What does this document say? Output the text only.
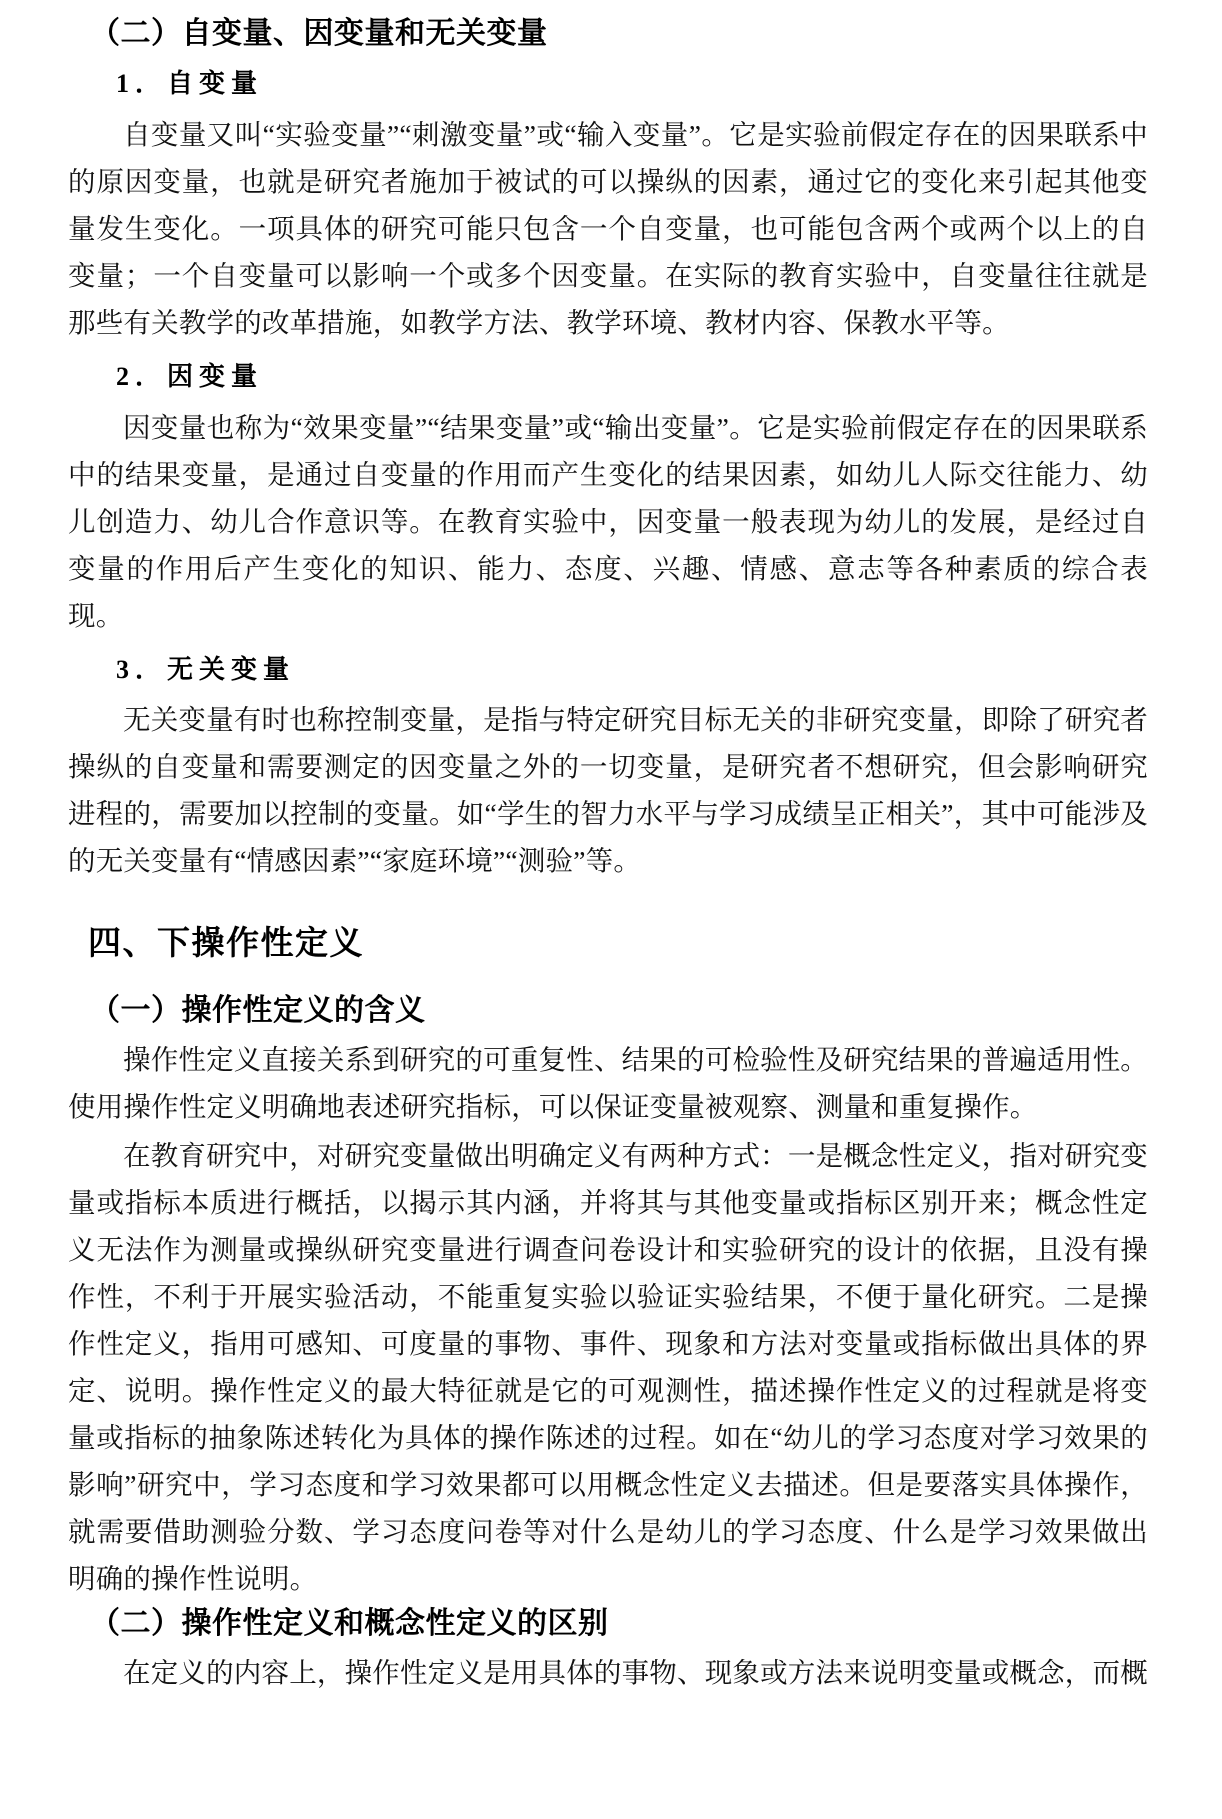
（二）自变量、因变量和无关变量
1．自变量

自变量又叫“实验变量”“刺激变量”或“输入变量”。它是实验前假定存在的因果联系中的原因变量，也就是研究者施加于被试的可以操纵的因素，通过它的变化来引起其他变量发生变化。一项具体的研究可能只包含一个自变量，也可能包含两个或两个以上的自变量；一个自变量可以影响一个或多个因变量。在实际的教育实验中，自变量往往就是那些有关教学的改革措施，如教学方法、教学环境、教材内容、保教水平等。

2．因变量

因变量也称为“效果变量”“结果变量”或“输出变量”。它是实验前假定存在的因果联系中的结果变量，是通过自变量的作用而产生变化的结果因素，如幼儿人际交往能力、幼儿创造力、幼儿合作意识等。在教育实验中，因变量一般表现为幼儿的发展，是经过自变量的作用后产生变化的知识、能力、态度、兴趣、情感、意志等各种素质的综合表现。

3．无关变量

无关变量有时也称控制变量，是指与特定研究目标无关的非研究变量，即除了研究者操纵的自变量和需要测定的因变量之外的一切变量，是研究者不想研究，但会影响研究进程的，需要加以控制的变量。如“学生的智力水平与学习成绩呈正相关”，其中可能涉及的无关变量有“情感因素”“家庭环境”“测验”等。

四、下操作性定义
（一）操作性定义的含义

操作性定义直接关系到研究的可重复性、结果的可检验性及研究结果的普遍适用性。使用操作性定义明确地表述研究指标，可以保证变量被观察、测量和重复操作。

在教育研究中，对研究变量做出明确定义有两种方式：一是概念性定义，指对研究变量或指标本质进行概括，以揭示其内涵，并将其与其他变量或指标区别开来；概念性定义无法作为测量或操纵研究变量进行调查问卷设计和实验研究的设计的依据，且没有操作性，不利于开展实验活动，不能重复实验以验证实验结果，不便于量化研究。二是操作性定义，指用可感知、可度量的事物、事件、现象和方法对变量或指标做出具体的界定、说明。操作性定义的最大特征就是它的可观测性，描述操作性定义的过程就是将变量或指标的抽象陈述转化为具体的操作陈述的过程。如在“幼儿的学习态度对学习效果的影响”研究中，学习态度和学习效果都可以用概念性定义去描述。但是要落实具体操作，就需要借助测验分数、学习态度问卷等对什么是幼儿的学习态度、什么是学习效果做出明确的操作性说明。

（二）操作性定义和概念性定义的区别

在定义的内容上，操作性定义是用具体的事物、现象或方法来说明变量或概念，而概
